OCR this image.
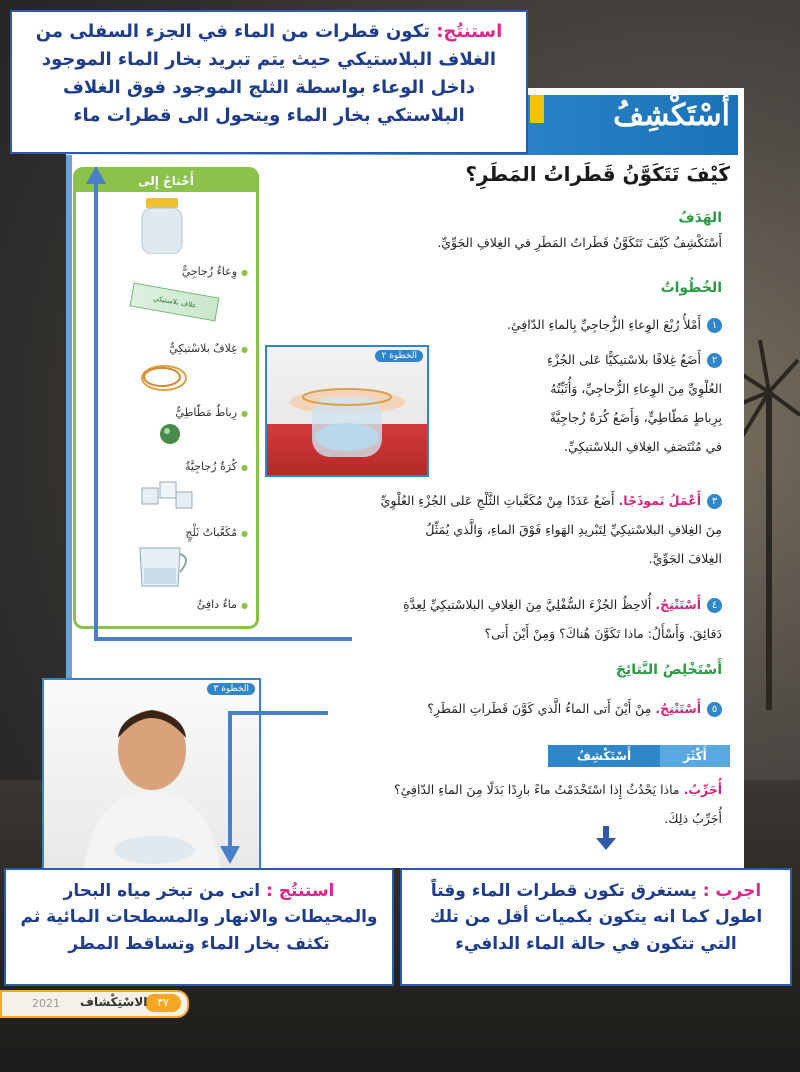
أَسْتَكْشِفُ
كَيْفَ تَتَكَوَّنُ قَطَراتُ المَطَرِ؟
الهَدَفُ
أَسْتَكْشِفُ كَيْفَ تَتَكَوَّنُ قَطَراتُ المَطَرِ في الغِلافِ الجَوِّيِّ.
الخُطُواتُ
١أَمْلأُ رُبْعَ الوِعاءِ الزُّجاجِيِّ بِالماءِ الدّافِئِ.
٢أَضَعُ غِلافًا بلاسْتيكيًّا عَلى الجُزْءِ
العُلْوِيِّ مِنَ الوِعاءِ الزُّجاجِيِّ، وَأُثَبِّتُهُ
بِرِباطٍ مَطّاطِيٍّ، وَأَضَعُ كُرَةً زُجاجِيَّةً
في مُنْتَصَفِ الغِلافِ البلاسْتيكِيِّ.
الخطوة ٢
٣أَعْمَلُ نَموذَجًا. أَضَعُ عَدَدًا مِنْ مُكَعَّباتِ الثَّلْجِ عَلى الجُزْءِ العُلْوِيِّ
مِنَ الغِلافِ البلاسْتيكِيِّ لِتَبْريدِ الهَواءِ فَوْقَ الماءِ، وَالَّذي يُمَثِّلُ
الغِلافَ الجَوِّيَّ.
٤أَسْتَنْتِجُ. أُلاحِظُ الجُزْءَ السُّفْلِيَّ مِنَ الغِلافِ البلاسْتيكِيِّ لِعِدَّةِ
دَقائِقَ. وَأَسْأَلُ: ماذا تَكَوَّنَ هُناكَ؟ وَمِنْ أَيْنَ أَتى؟
أَسْتَخْلِصُ النَّتائِجَ
٥أَسْتَنْتِجُ. مِنْ أَيْنَ أَتى الماءُ الَّذي كَوَّنَ قَطَراتِ المَطَرِ؟
أَسْتَكْشِفُ	أَكْثَرَ
أُجَرِّبُ. ماذا يَحْدُثُ إِذا اسْتَخْدَمْتُ ماءً بارِدًا بَدَلًا مِنَ الماءِ الدّافِئِ؟
أُجَرِّبُ ذلِكَ.
أَحْتاجُ إِلى
● وِعاءٌ زُجاجِيٌّ
غلاف بلاستيكي
● غِلافٌ بلاسْتيكِيٌّ
● رِباطٌ مَطّاطِيٌّ
● كُرَةٌ زُجاجِيَّةٌ
● مُكَعَّباتُ ثَلْجٍ
● ماءٌ دافِئٌ
الخطوة ٣
استنتُج: تكون قطرات من الماء في الجزء السفلى من الغلاف البلاستيكي حيث يتم تبريد بخار الماء الموجود داخل الوعاء بواسطة الثلج الموجود فوق الغلاف البلاستكي بخار الماء ويتحول الى قطرات ماء
استنتُج : اتى من تبخر مياه البحار والمحيطات والانهار والمسطحات المائية ثم تكثف بخار الماء وتساقط المطر
اجرب : يستغرق تكون قطرات الماء وقتاً اطول كما انه يتكون بكميات أقل من تلك التي تتكون في حالة الماء الدافيء
٣٧
الاسْتِكْشاف
2021
